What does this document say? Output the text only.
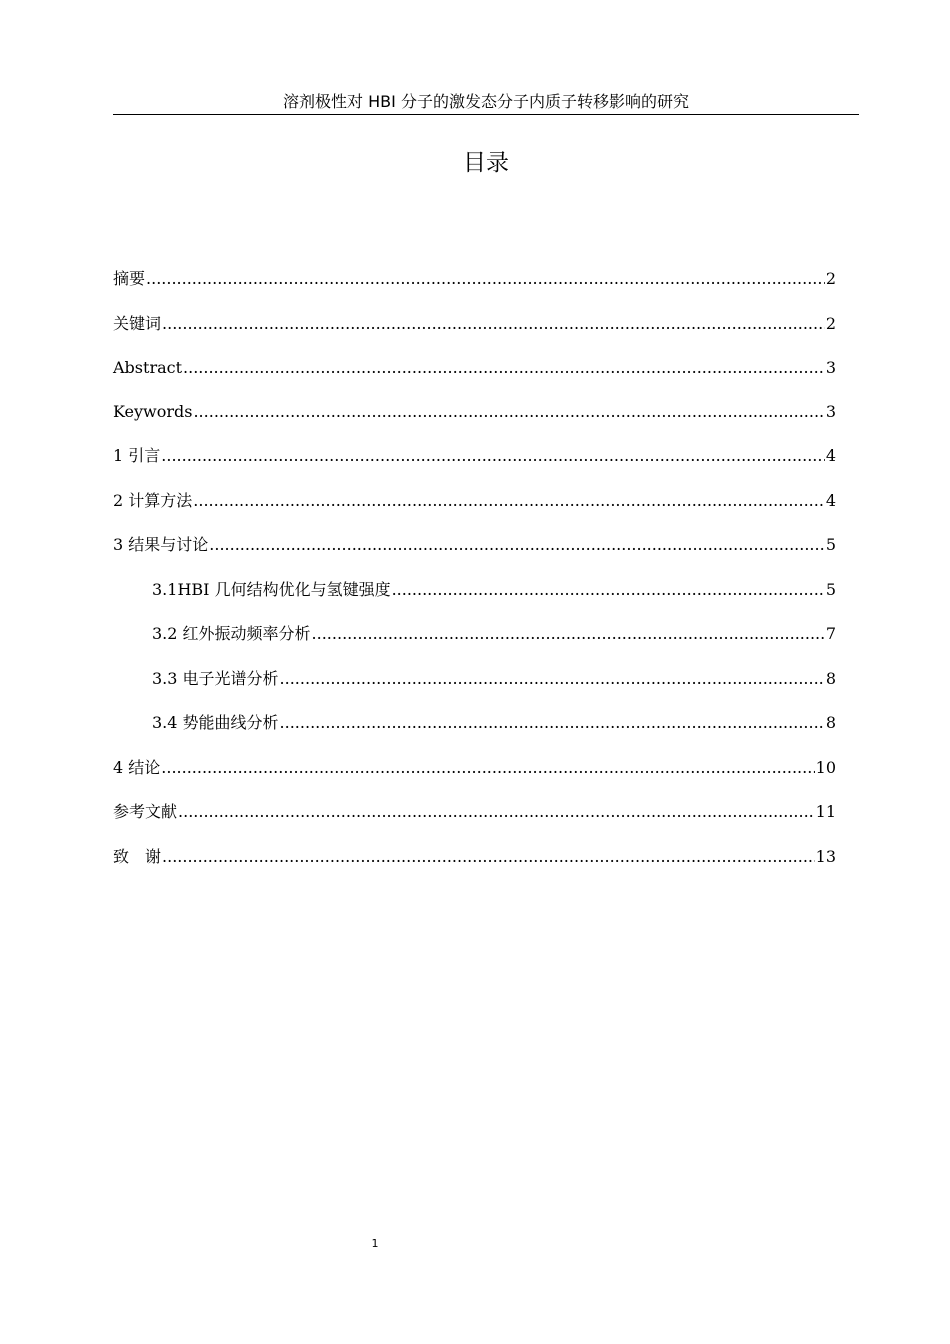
溶剂极性对 HBI 分子的激发态分子内质子转移影响的研究
目录
摘要 .....	2
关键词 .....	2
Abstract .....	3
Keywords .....	3
1 引言 .....	4
2 计算方法 .....	4
3 结果与讨论 .....	5
3.1HBI 几何结构优化与氢键强度 .....	5
3.2 红外振动频率分析 .....	7
3.3 电子光谱分析 .....	8
3.4 势能曲线分析 .....	8
4 结论 .....	10
参考文献 .....	11
致　谢 .....	13
1
